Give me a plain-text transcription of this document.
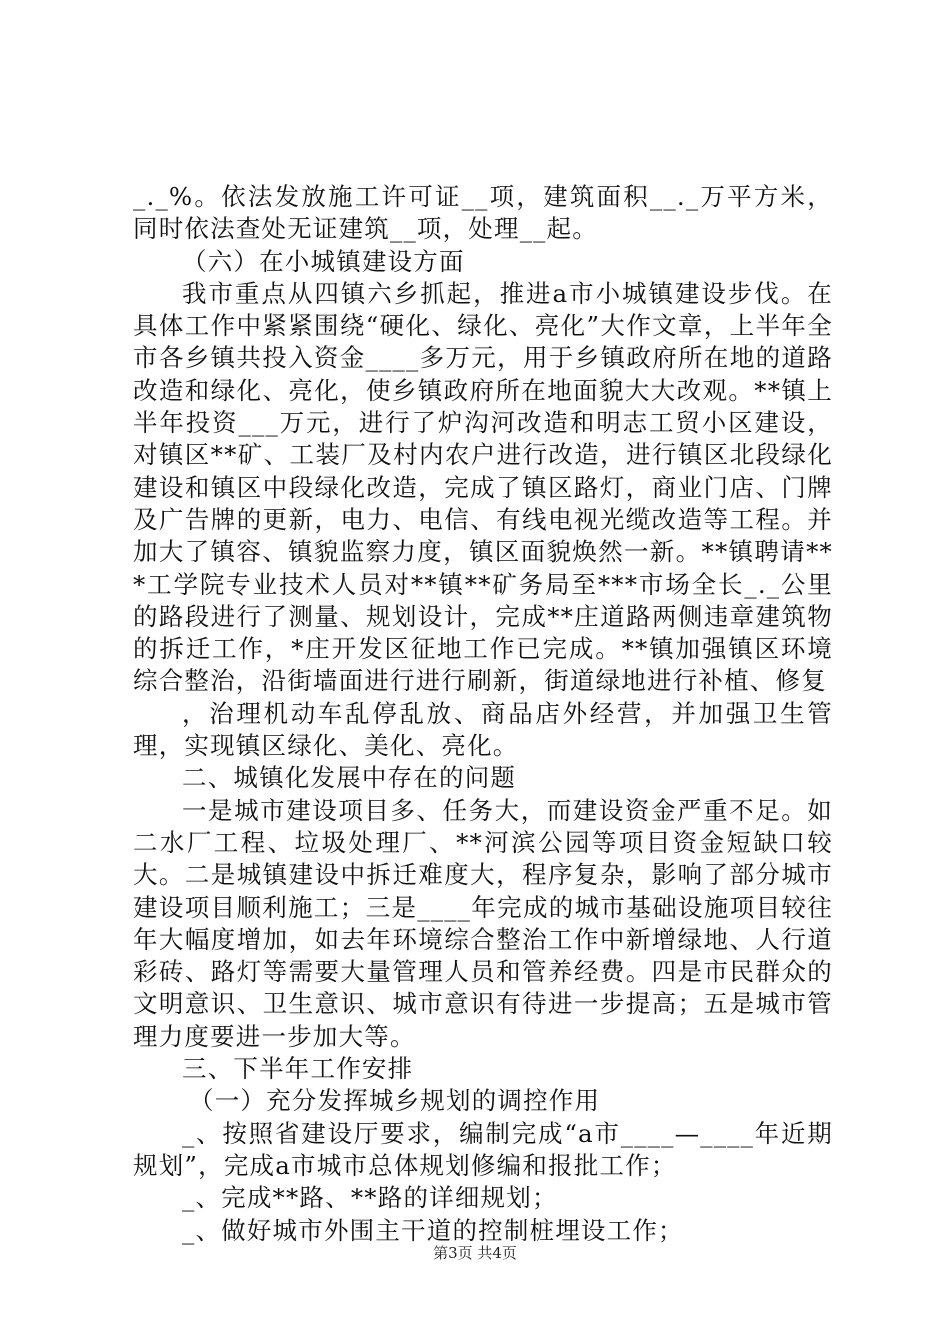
_._%。依法发放施工许可证__项，建筑面积__._万平方米，同时依法查处无证建筑__项，处理__起。

（六）在小城镇建设方面

我市重点从四镇六乡抓起，推进a市小城镇建设步伐。在具体工作中紧紧围绕“硬化、绿化、亮化”大作文章，上半年全市各乡镇共投入资金____多万元，用于乡镇政府所在地的道路改造和绿化、亮化，使乡镇政府所在地面貌大大改观。**镇上半年投资___万元，进行了炉沟河改造和明志工贸小区建设，对镇区**矿、工装厂及村内农户进行改造，进行镇区北段绿化建设和镇区中段绿化改造，完成了镇区路灯，商业门店、门牌及广告牌的更新，电力、电信、有线电视光缆改造等工程。并加大了镇容、镇貌监察力度，镇区面貌焕然一新。**镇聘请***工学院专业技术人员对**镇**矿务局至***市场全长_._公里的路段进行了测量、规划设计，完成**庄道路两侧违章建筑物的拆迁工作，*庄开发区征地工作已完成。**镇加强镇区环境综合整治，沿街墙面进行进行刷新，街道绿地进行补植、修复

，治理机动车乱停乱放、商品店外经营，并加强卫生管理，实现镇区绿化、美化、亮化。

二、城镇化发展中存在的问题

一是城市建设项目多、任务大，而建设资金严重不足。如二水厂工程、垃圾处理厂、**河滨公园等项目资金短缺口较大。二是城镇建设中拆迁难度大，程序复杂，影响了部分城市建设项目顺利施工；三是____年完成的城市基础设施项目较往年大幅度增加，如去年环境综合整治工作中新增绿地、人行道彩砖、路灯等需要大量管理人员和管养经费。四是市民群众的文明意识、卫生意识、城市意识有待进一步提高；五是城市管理力度要进一步加大等。

三、下半年工作安排

（一）充分发挥城乡规划的调控作用

_、按照省建设厅要求，编制完成“a市____—____年近期规划”，完成a市城市总体规划修编和报批工作；

_、完成**路、**路的详细规划；

_、做好城市外围主干道的控制桩埋设工作；

第3页 共4页
